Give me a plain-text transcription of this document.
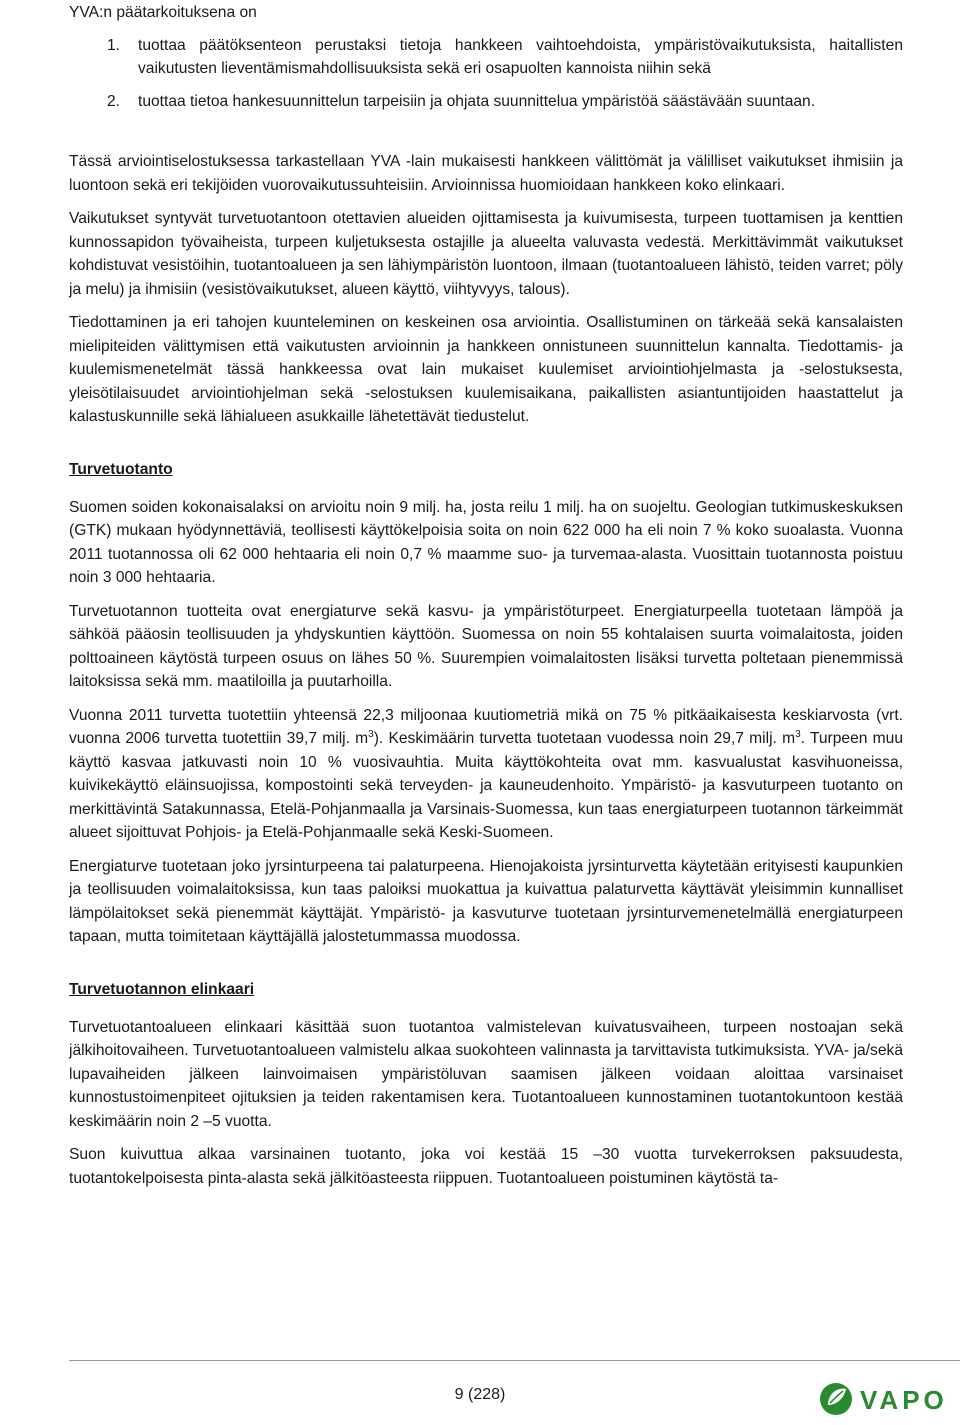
YVA:n päätarkoituksena on
1. tuottaa päätöksenteon perustaksi tietoja hankkeen vaihtoehdoista, ympäristövaikutuksista, haitallisten vaikutusten lieventämismahdollisuuksista sekä eri osapuolten kannoista niihin sekä
2. tuottaa tietoa hankesuunnittelun tarpeisiin ja ohjata suunnittelua ympäristöä säästävään suuntaan.

Tässä arviointiselostuksessa tarkastellaan YVA -lain mukaisesti hankkeen välittömät ja välilliset vaikutukset ihmisiin ja luontoon sekä eri tekijöiden vuorovaikutussuhteisiin. Arvioinnissa huomioidaan hankkeen koko elinkaari.

Vaikutukset syntyvät turvetuotantoon otettavien alueiden ojittamisesta ja kuivumisesta, turpeen tuottamisen ja kenttien kunnossapidon työvaiheista, turpeen kuljetuksesta ostajille ja alueelta valuvasta vedestä. Merkittävimmät vaikutukset kohdistuvat vesistöihin, tuotantoalueen ja sen lähiympäristön luontoon, ilmaan (tuotantoalueen lähistö, teiden varret; pöly ja melu) ja ihmisiin (vesistövaikutukset, alueen käyttö, viihtyvyys, talous).

Tiedottaminen ja eri tahojen kuunteleminen on keskeinen osa arviointia. Osallistuminen on tärkeää sekä kansalaisten mielipiteiden välittymisen että vaikutusten arvioinnin ja hankkeen onnistuneen suunnittelun kannalta. Tiedottamis- ja kuulemismenetelmät tässä hankkeessa ovat lain mukaiset kuulemiset arviointiohjelmasta ja -selostuksesta, yleisötilaisuudet arviointiohjelman sekä -selostuksen kuulemisaikana, paikallisten asiantuntijoiden haastattelut ja kalastuskunnille sekä lähialueen asukkaille lähetettävät tiedustelut.

Turvetuotanto

Suomen soiden kokonaisalaksi on arvioitu noin 9 milj. ha, josta reilu 1 milj. ha on suojeltu. Geologian tutkimuskeskuksen (GTK) mukaan hyödynnettäviä, teollisesti käyttökelpoisia soita on noin 622 000 ha eli noin 7 % koko suoalasta. Vuonna 2011 tuotannossa oli 62 000 hehtaaria eli noin 0,7 % maamme suo- ja turvemaa-alasta. Vuosittain tuotannosta poistuu noin 3 000 hehtaaria.

Turvetuotannon tuotteita ovat energiaturve sekä kasvu- ja ympäristöturpeet. Energiaturpeella tuotetaan lämpöä ja sähköä pääosin teollisuuden ja yhdyskuntien käyttöön. Suomessa on noin 55 kohtalaisen suurta voimalaitosta, joiden polttoaineen käytöstä turpeen osuus on lähes 50 %. Suurempien voimalaitosten lisäksi turvetta poltetaan pienemmissä laitoksissa sekä mm. maatiloilla ja puutarhoilla.

Vuonna 2011 turvetta tuotettiin yhteensä 22,3 miljoonaa kuutiometriä mikä on 75 % pitkäaikaisesta keskiarvosta (vrt. vuonna 2006 turvetta tuotettiin 39,7 milj. $m^3$). Keskimäärin turvetta tuotetaan vuodessa noin 29,7 milj. $m^3$. Turpeen muu käyttö kasvaa jatkuvasti noin 10 % vuosivauhtia. Muita käyttökohteita ovat mm. kasvualustat kasvihuoneissa, kuivikekäyttö eläinsuojissa, kompostointi sekä terveyden- ja kauneudenhoito. Ympäristö- ja kasvuturpeen tuotanto on merkittävintä Satakunnassa, Etelä-Pohjanmaalla ja Varsinais-Suomessa, kun taas energiaturpeen tuotannon tärkeimmät alueet sijoittuvat Pohjois- ja Etelä-Pohjanmaalle sekä Keski-Suomeen.

Energiaturve tuotetaan joko jyrsinturpeena tai palaturpeena. Hienojakoista jyrsinturvetta käytetään erityisesti kaupunkien ja teollisuuden voimalaitoksissa, kun taas paloiksi muokattua ja kuivattua palaturvetta käyttävät yleisimmin kunnalliset lämpölaitokset sekä pienemmät käyttäjät. Ympäristö- ja kasvuturve tuotetaan jyrsinturvemenetelmällä energiaturpeen tapaan, mutta toimitetaan käyttäjällä jalostetummassa muodossa.

Turvetuotannon elinkaari

Turvetuotantoalueen elinkaari käsittää suon tuotantoa valmistelevan kuivatusvaiheen, turpeen nostoajan sekä jälkihoitovaiheen. Turvetuotantoalueen valmistelu alkaa suokohteen valinnasta ja tarvittavista tutkimuksista. YVA- ja/sekä lupavaiheiden jälkeen lainvoimaisen ympäristöluvan saamisen jälkeen voidaan aloittaa varsinaiset kunnostustoimenpiteet ojituksien ja teiden rakentamisen kera. Tuotantoalueen kunnostaminen tuotantokuntoon kestää keskimäärin noin 2 ‒5 vuotta.

Suon kuivuttua alkaa varsinainen tuotanto, joka voi kestää 15 ‒30 vuotta turvekerroksen paksuudesta, tuotantokelpoisesta pinta-alasta sekä jälkitöasteesta riippuen. Tuotantoalueen poistuminen käytöstä ta-

9 (228)	VAPO
